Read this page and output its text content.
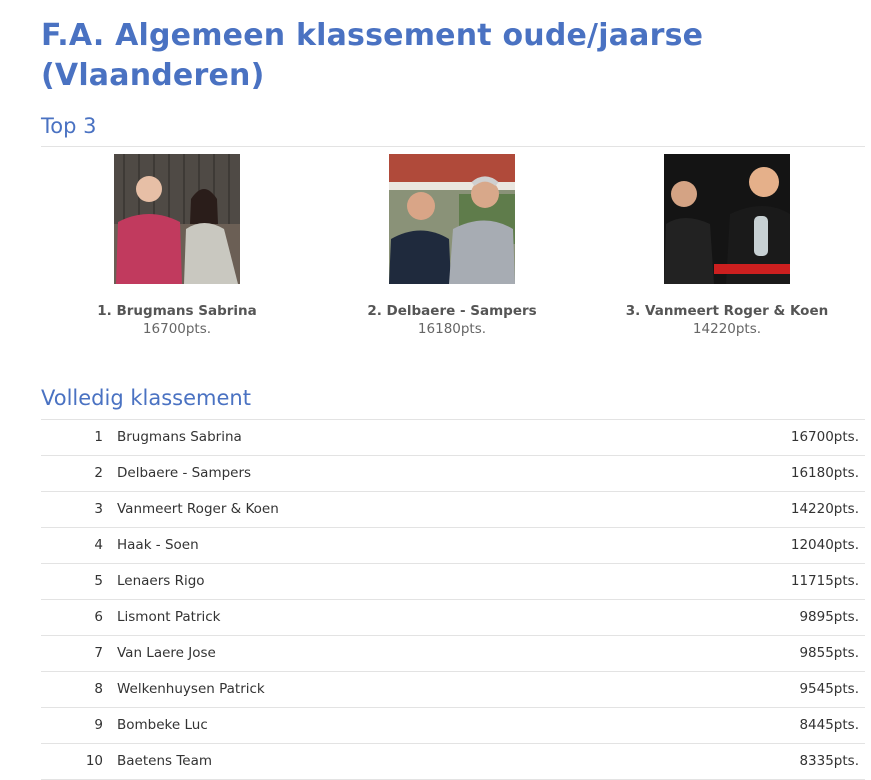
F.A. Algemeen klassement oude/jaarse (Vlaanderen)
Top 3
1. Brugmans Sabrina
16700pts.
2. Delbaere - Sampers
16180pts.
3. Vanmeert Roger & Koen
14220pts.
Volledig klassement
1 Brugmans Sabrina	16700pts.
2 Delbaere - Sampers	16180pts.
3 Vanmeert Roger & Koen	14220pts.
4 Haak - Soen	12040pts.
5 Lenaers Rigo	11715pts.
6 Lismont Patrick	9895pts.
7 Van Laere Jose	9855pts.
8 Welkenhuysen Patrick	9545pts.
9 Bombeke Luc	8445pts.
10 Baetens Team	8335pts.
